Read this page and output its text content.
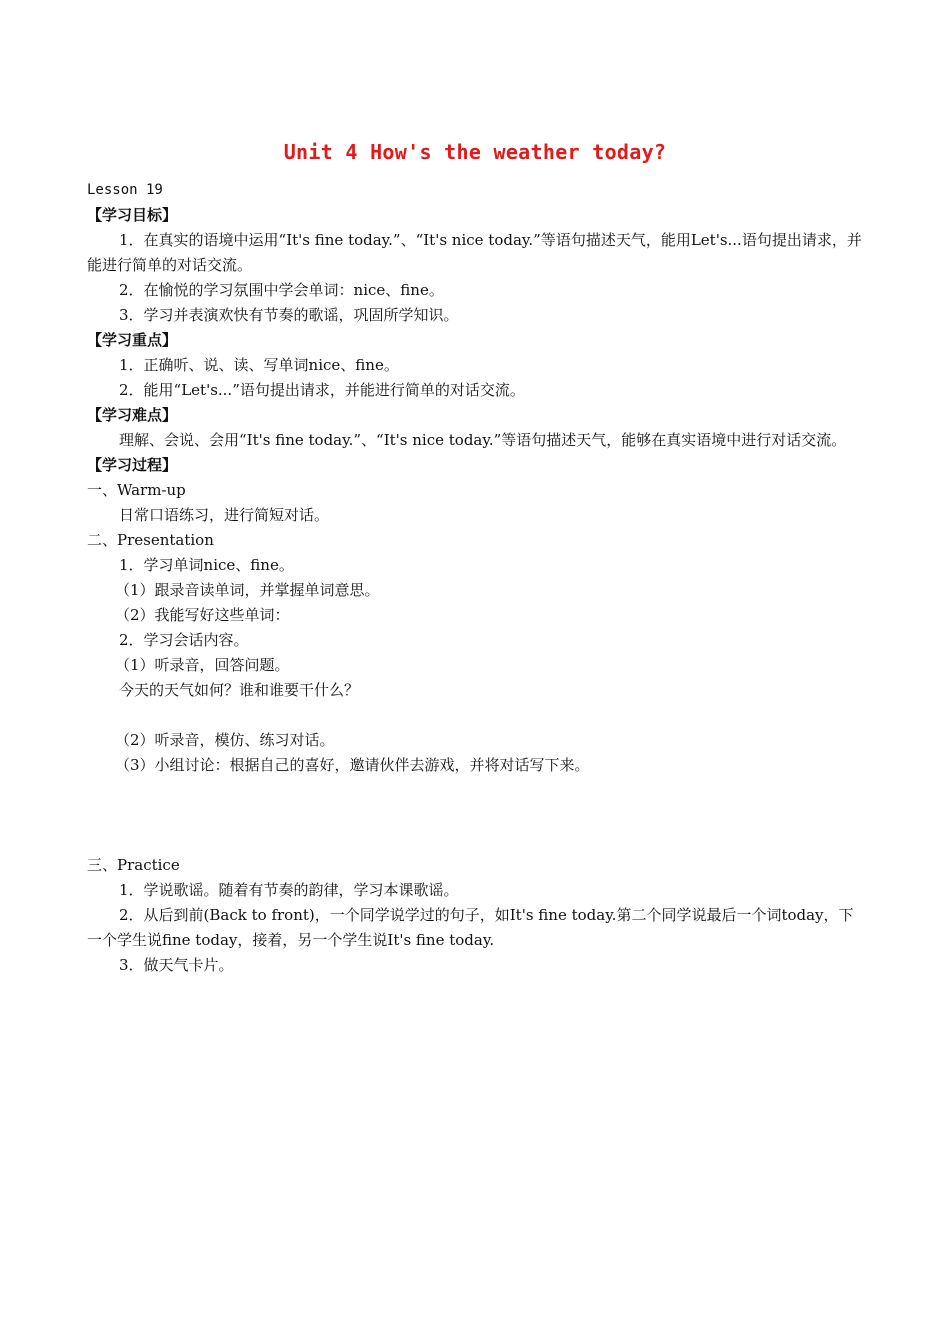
Unit 4 How's the weather today?
Lesson 19
【学习目标】
1．在真实的语境中运用“It's fine today.”、“It's nice today.”等语句描述天气，能用Let's...语句提出请求，并能进行简单的对话交流。
2．在愉悦的学习氛围中学会单词：nice、fine。
3．学习并表演欢快有节奏的歌谣，巩固所学知识。
【学习重点】
1．正确听、说、读、写单词nice、fine。
2．能用“Let's...”语句提出请求，并能进行简单的对话交流。
【学习难点】
理解、会说、会用“It's fine today.”、“It's nice today.”等语句描述天气，能够在真实语境中进行对话交流。
【学习过程】
一、Warm-up
日常口语练习，进行简短对话。
二、Presentation
1．学习单词nice、fine。
（1）跟录音读单词，并掌握单词意思。
（2）我能写好这些单词：
2．学习会话内容。
（1）听录音，回答问题。
今天的天气如何？谁和谁要干什么？
（2）听录音，模仿、练习对话。
（3）小组讨论：根据自己的喜好，邀请伙伴去游戏，并将对话写下来。
三、Practice
1．学说歌谣。随着有节奏的韵律，学习本课歌谣。
2．从后到前(Back to front)，一个同学说学过的句子，如It's fine today.第二个同学说最后一个词today，下一个学生说fine today，接着，另一个学生说It's fine today.
3．做天气卡片。
